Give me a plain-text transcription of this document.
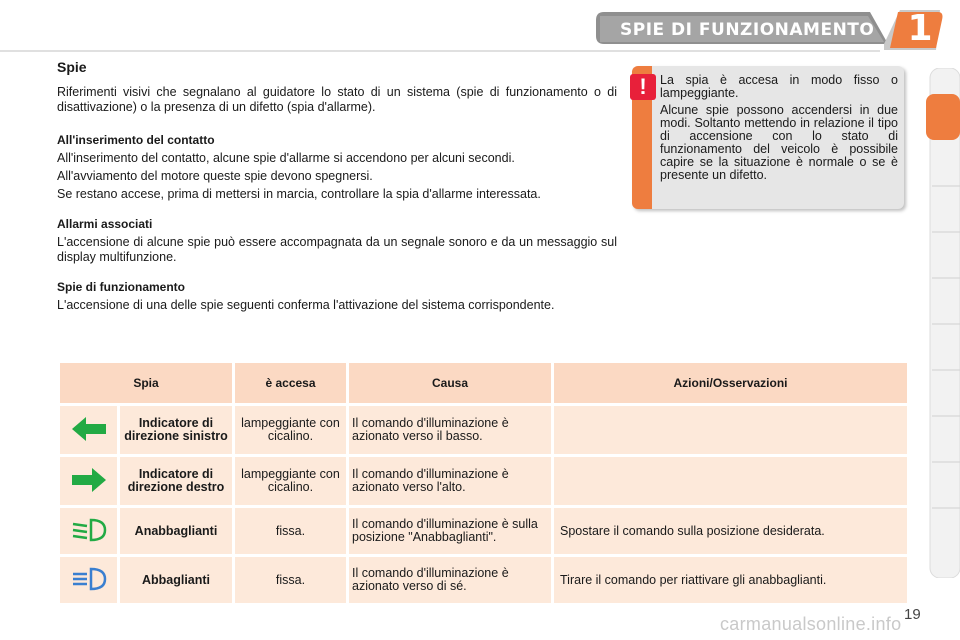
SPIE DI FUNZIONAMENTO 1
Spie

Riferimenti visivi che segnalano al guidatore lo stato di un sistema (spie di funzionamento o di disattivazione) o la presenza di un difetto (spia d'allarme).

All'inserimento del contatto

All'inserimento del contatto, alcune spie d'allarme si accendono per alcuni secondi.

All'avviamento del motore queste spie devono spegnersi.

Se restano accese, prima di mettersi in marcia, controllare la spia d'allarme interessata.

Allarmi associati

L'accensione di alcune spie può essere accompagnata da un segnale sonoro e da un messaggio sul display multifunzione.

Spie di funzionamento

L'accensione di una delle spie seguenti conferma l'attivazione del sistema corrispondente.

!	La spia è accesa in modo fisso o lampeggiante.

Alcune spie possono accendersi in due modi. Soltanto mettendo in relazione il tipo di accensione con lo stato di funzionamento del veicolo è possibile capire se la situazione è normale o se è presente un difetto.

Spia		è accesa	Causa	Azioni/Osservazioni
	Indicatore di direzione sinistro	lampeggiante con cicalino.	Il comando d'illuminazione è azionato verso il basso.	
	Indicatore di direzione destro	lampeggiante con cicalino.	Il comando d'illuminazione è azionato verso l'alto.	
	Anabbaglianti	fissa.	Il comando d'illuminazione è sulla posizione "Anabbaglianti".	Spostare il comando sulla posizione desiderata.
	Abbaglianti	fissa.	Il comando d'illuminazione è azionato verso di sé.	Tirare il comando per riattivare gli anabbaglianti.
carmanualsonline.info 19
